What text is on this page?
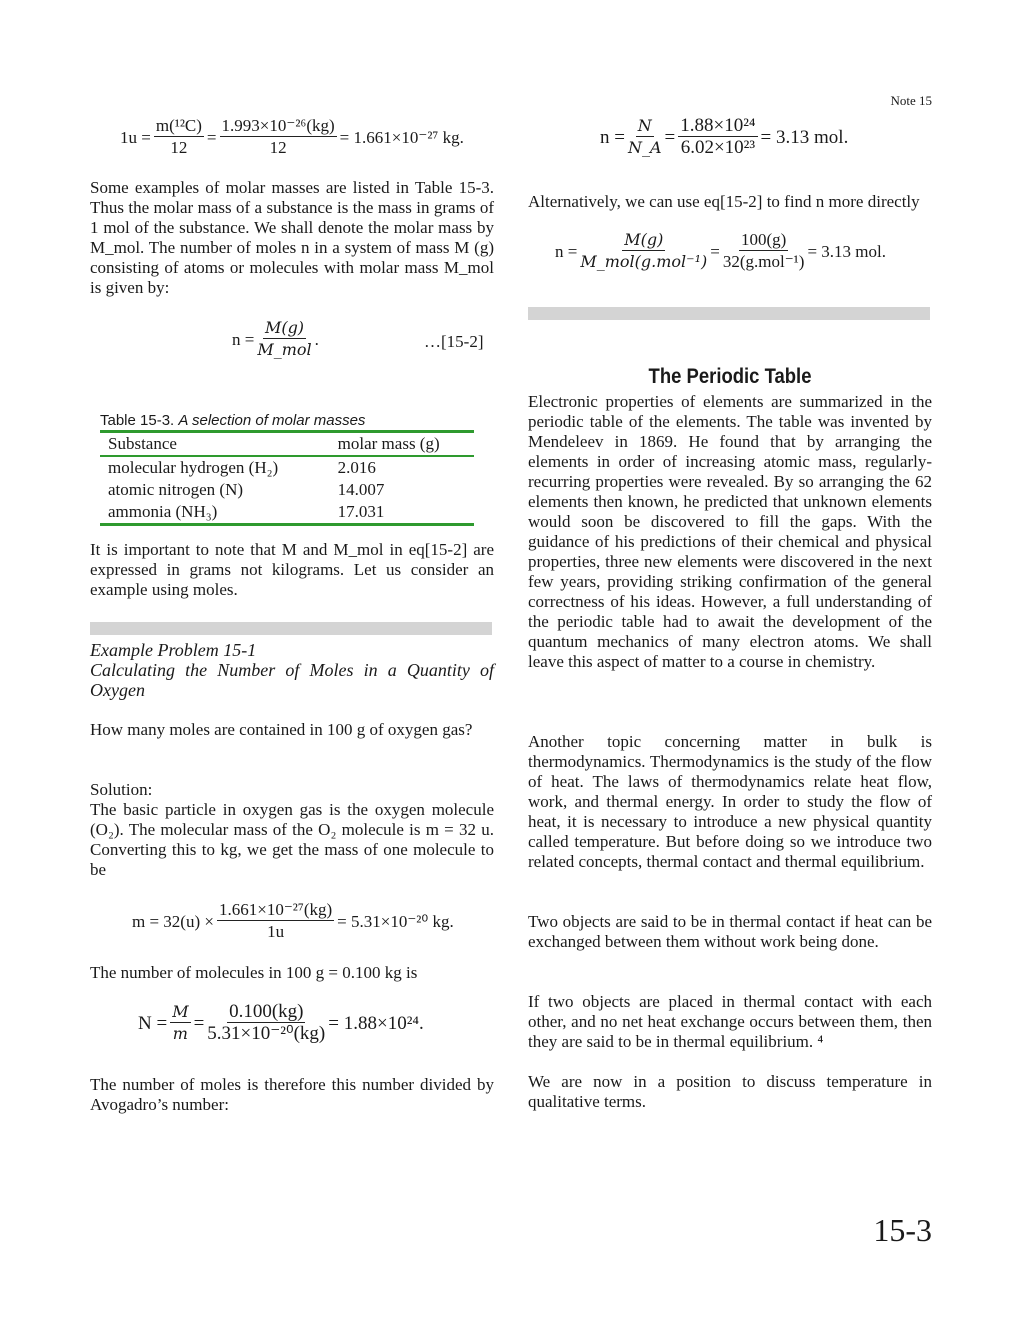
Note 15
$1u = \frac{\text{m(¹²C)}}{12} = \frac{\text{1.993×10⁻²⁶(kg)}}{12} = 1.661\times 10^{-27}$ kg.
Some examples of molar masses are listed in Table 15-3. Thus the molar mass of a substance is the mass in grams of 1 mol of the substance. We shall denote the molar mass by M_mol. The number of moles n in a system of mass M (g) consisting of atoms or molecules with molar mass M_mol is given by:
n =
M(g)
M_mol
.	…[15-2]
Table 15-3. A selection of molar masses
Substance	molar mass (g)
molecular hydrogen (H₂)	2.016
atomic nitrogen (N)	14.007
ammonia (NH₃)	17.031
It is important to note that M and M_mol in eq[15-2] are expressed in grams not kilograms. Let us consider an example using moles.
Example Problem 15-1
Calculating the Number of Moles in a Quantity of Oxygen
How many moles are contained in 100 g of oxygen gas?
Solution:
The basic particle in oxygen gas is the oxygen molecule (O₂). The molecular mass of the O₂ molecule is m = 32 u. Converting this to kg, we get the mass of one molecule to be
$m = 32(u) \times \frac{\text{1.661×10⁻²⁷(kg)}}{1u} = 5.31\times 10^{-20}$ kg.
The number of molecules in 100 g = 0.100 kg is
$N = \frac{M}{m} = \frac{0.100(kg)}{\text{5.31×10⁻²⁰(kg)}} = 1.88\times 10^{24}$.
The number of moles is therefore this number divided by Avogadro’s number:
$n = \frac{N}{N\_A} = \frac{\text{1.88×10²⁴}}{\text{6.02×10²³}} = 3.13$ mol.
Alternatively, we can use eq[15-2] to find n more directly
n =
M(g)
M_mol(g.mol⁻¹)
=
100(g)
32(g.mol⁻¹)
= 3.13 mol.
The Periodic Table
Electronic properties of elements are summarized in the periodic table of the elements. The table was invented by Mendeleev in 1869. He found that by arranging the elements in order of increasing atomic mass, regularly-recurring properties were revealed. By so arranging the 62 elements then known, he predicted that unknown elements would soon be discovered to fill the gaps. With the guidance of his predictions of their chemical and physical properties, three new elements were discovered in the next few years, providing striking confirmation of the general correctness of his ideas. However, a full understanding of the periodic table had to await the development of the quantum mechanics of many electron atoms. We shall leave this aspect of matter to a course in chemistry.
Another topic concerning matter in bulk is thermodynamics. Thermodynamics is the study of the flow of heat. The laws of thermodynamics relate heat flow, work, and thermal energy. In order to study the flow of heat, it is necessary to introduce a new physical quantity called temperature. But before doing so we introduce two related concepts, thermal contact and thermal equilibrium.
Two objects are said to be in thermal contact if heat can be exchanged between them without work being done.
If two objects are placed in thermal contact with each other, and no net heat exchange occurs between them, then they are said to be in thermal equilibrium. ⁴
We are now in a position to discuss temperature in qualitative terms.
15-3
